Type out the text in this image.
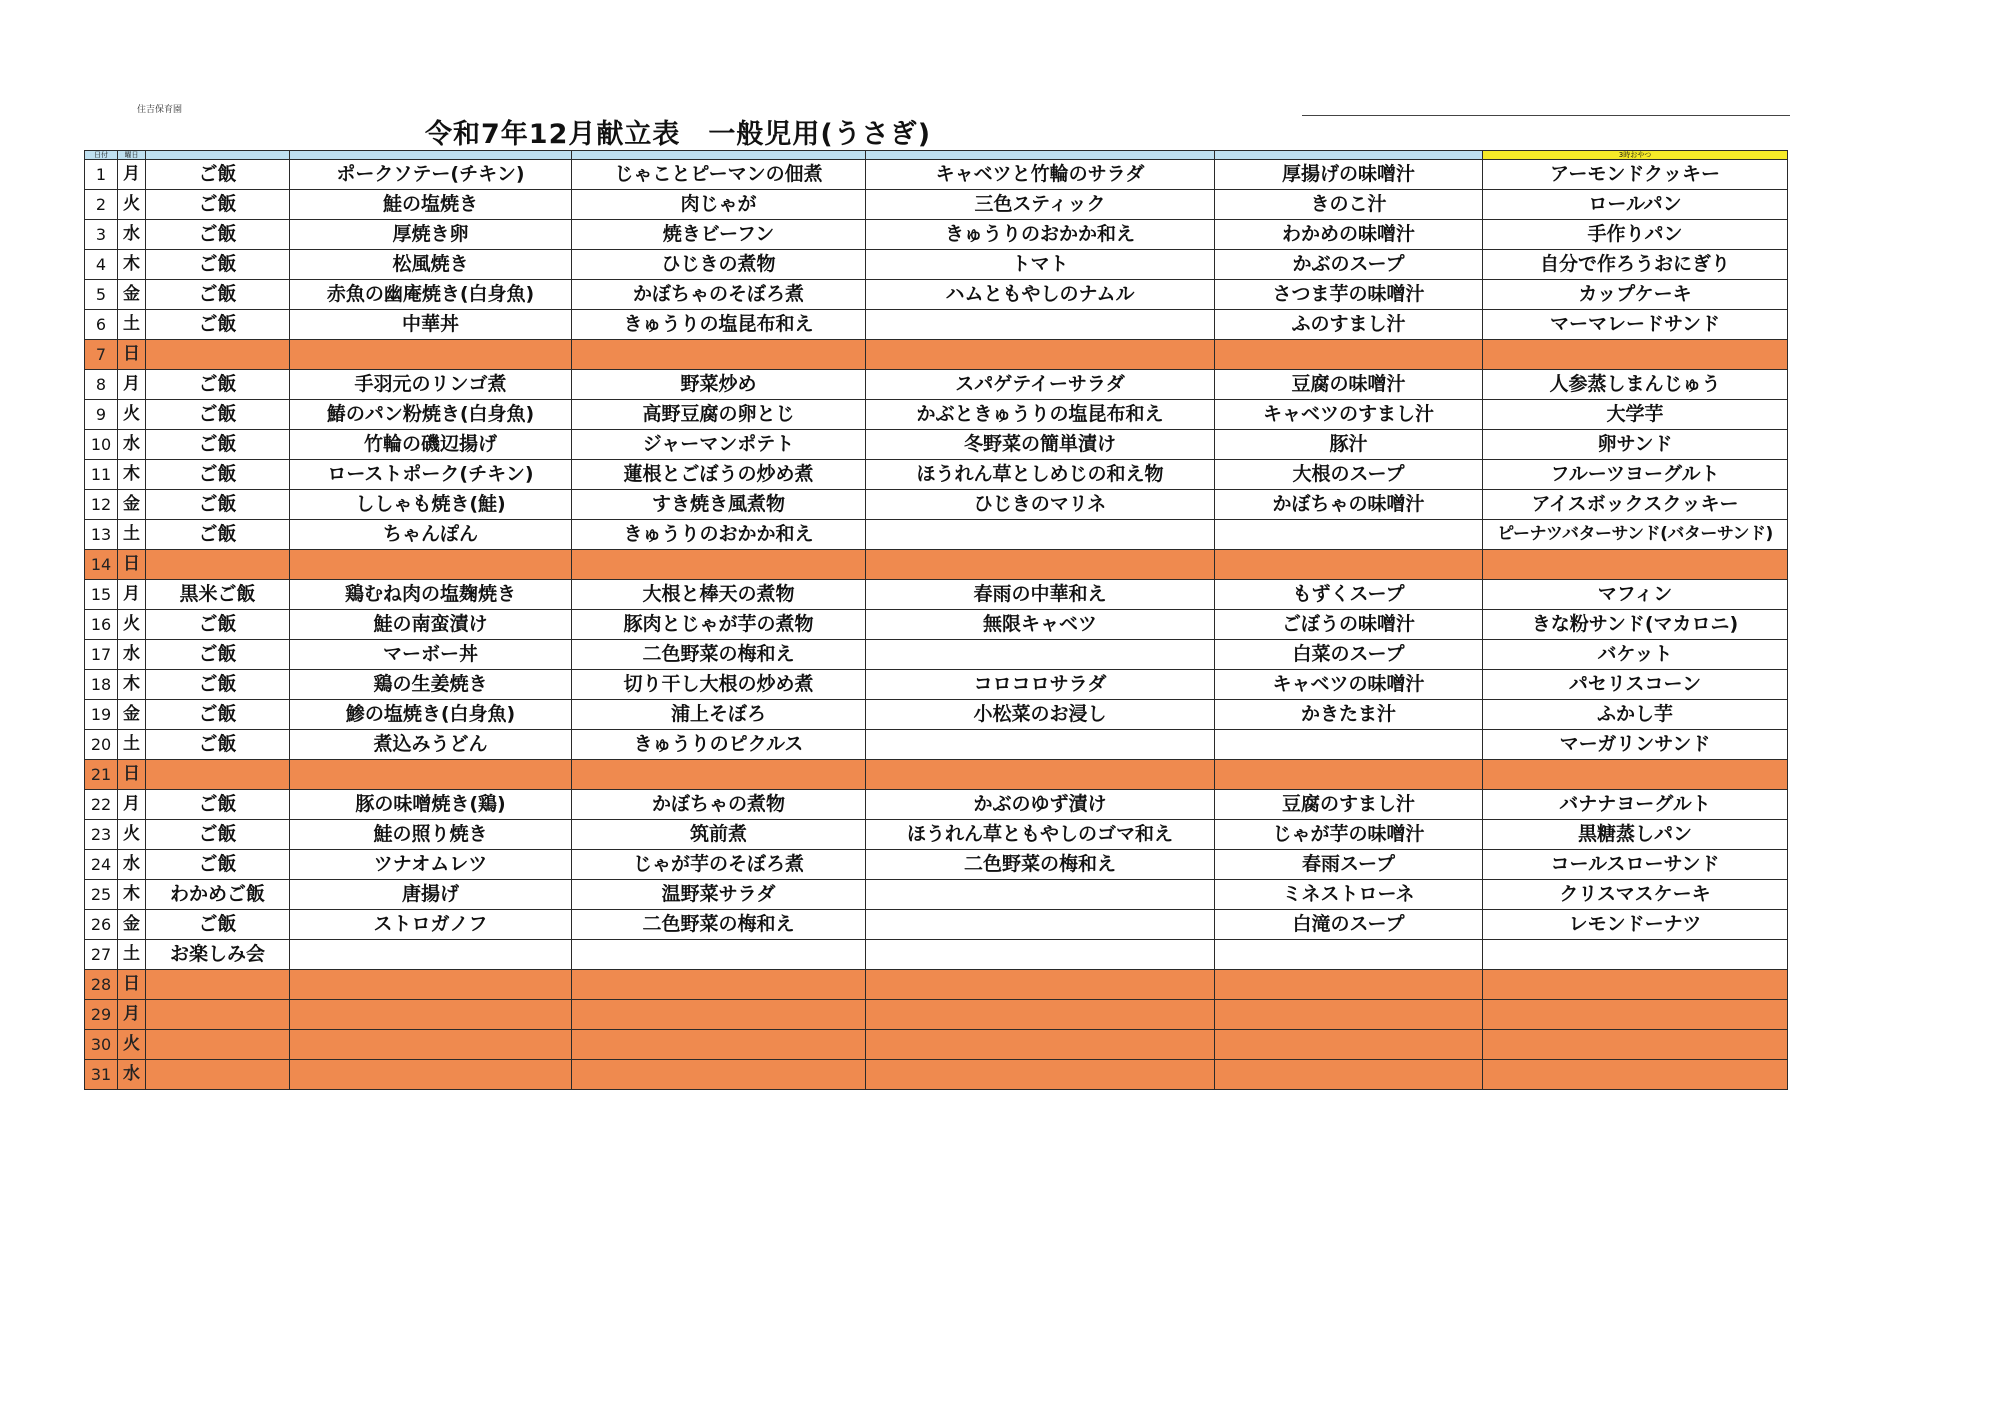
住吉保育園
令和7年12月献立表　一般児用(うさぎ)
日付	曜日						3時おやつ
1	月	ご飯	ポークソテー(チキン)	じゃことピーマンの佃煮	キャベツと竹輪のサラダ	厚揚げの味噌汁	アーモンドクッキー
2	火	ご飯	鮭の塩焼き	肉じゃが	三色スティック	きのこ汁	ロールパン
3	水	ご飯	厚焼き卵	焼きビーフン	きゅうりのおかか和え	わかめの味噌汁	手作りパン
4	木	ご飯	松風焼き	ひじきの煮物	トマト	かぶのスープ	自分で作ろうおにぎり
5	金	ご飯	赤魚の幽庵焼き(白身魚)	かぼちゃのそぼろ煮	ハムともやしのナムル	さつま芋の味噌汁	カップケーキ
6	土	ご飯	中華丼	きゅうりの塩昆布和え		ふのすまし汁	マーマレードサンド
7	日						
8	月	ご飯	手羽元のリンゴ煮	野菜炒め	スパゲテイーサラダ	豆腐の味噌汁	人参蒸しまんじゅう
9	火	ご飯	鰆のパン粉焼き(白身魚)	高野豆腐の卵とじ	かぶときゅうりの塩昆布和え	キャベツのすまし汁	大学芋
10	水	ご飯	竹輪の磯辺揚げ	ジャーマンポテト	冬野菜の簡単漬け	豚汁	卵サンド
11	木	ご飯	ローストポーク(チキン)	蓮根とごぼうの炒め煮	ほうれん草としめじの和え物	大根のスープ	フルーツヨーグルト
12	金	ご飯	ししゃも焼き(鮭)	すき焼き風煮物	ひじきのマリネ	かぼちゃの味噌汁	アイスボックスクッキー
13	土	ご飯	ちゃんぽん	きゅうりのおかか和え			ピーナツバターサンド(バターサンド)
14	日						
15	月	黒米ご飯	鶏むね肉の塩麹焼き	大根と棒天の煮物	春雨の中華和え	もずくスープ	マフィン
16	火	ご飯	鮭の南蛮漬け	豚肉とじゃが芋の煮物	無限キャベツ	ごぼうの味噌汁	きな粉サンド(マカロニ)
17	水	ご飯	マーボー丼	二色野菜の梅和え		白菜のスープ	バケット
18	木	ご飯	鶏の生姜焼き	切り干し大根の炒め煮	コロコロサラダ	キャベツの味噌汁	パセリスコーン
19	金	ご飯	鯵の塩焼き(白身魚)	浦上そぼろ	小松菜のお浸し	かきたま汁	ふかし芋
20	土	ご飯	煮込みうどん	きゅうりのピクルス			マーガリンサンド
21	日						
22	月	ご飯	豚の味噌焼き(鶏)	かぼちゃの煮物	かぶのゆず漬け	豆腐のすまし汁	バナナヨーグルト
23	火	ご飯	鮭の照り焼き	筑前煮	ほうれん草ともやしのゴマ和え	じゃが芋の味噌汁	黒糖蒸しパン
24	水	ご飯	ツナオムレツ	じゃが芋のそぼろ煮	二色野菜の梅和え	春雨スープ	コールスローサンド
25	木	わかめご飯	唐揚げ	温野菜サラダ		ミネストローネ	クリスマスケーキ
26	金	ご飯	ストロガノフ	二色野菜の梅和え		白滝のスープ	レモンドーナツ
27	土	お楽しみ会					
28	日						
29	月						
30	火						
31	水						
